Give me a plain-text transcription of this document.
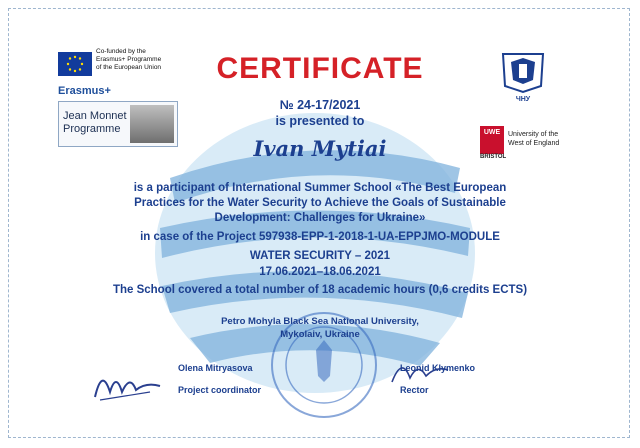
Co-funded by the
Erasmus+ Programme
of the European Union
Erasmus+
Jean Monnet
Programme
ЧНУ
UWE
BRISTOL
University of the
West of England
CERTIFICATE
№ 24-17/2021
is presented to
Ivan Mytiai
is a participant of International Summer School «The Best European
Practices for the Water Security to Achieve the Goals of Sustainable
Development: Challenges for Ukraine»
in case of the Project 597938-EPP-1-2018-1-UA-EPPJMO-MODULE
WATER SECURITY – 2021
17.06.2021–18.06.2021
The School covered a total number of 18 academic hours (0,6 credits ECTS)
Petro Mohyla Black Sea National University,
Mykolaiv, Ukraine
Olena Mitryasova
Project coordinator
Leonid Klymenko
Rector
